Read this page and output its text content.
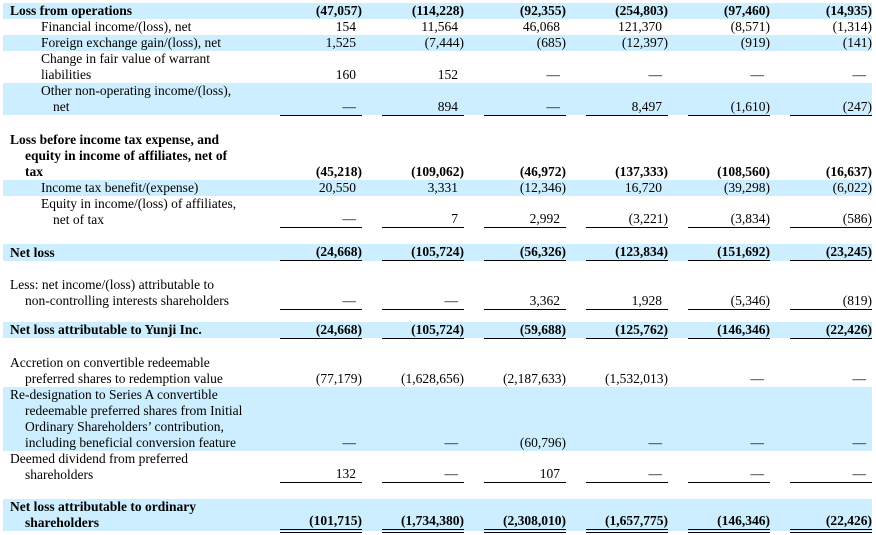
Loss from operations		(47,057)		(114,228)		(92,355)		(254,803)		(97,460)		(14,935)

Financial income/(loss), net		154		11,564		46,068		121,370		(8,571)		(1,314)

Foreign exchange gain/(loss), net		1,525		(7,444)		(685)		(12,397)		(919)		(141)

Change in fair value of warrant
liabilities		160		152		—		—		—		—

Other non-operating income/(loss),
net		—		894		—		8,497		(1,610)		(247)

Loss before income tax expense, and
equity in income of affiliates, net of
tax		(45,218)		(109,062)		(46,972)		(137,333)		(108,560)		(16,637)

Income tax benefit/(expense)		20,550		3,331		(12,346)		16,720		(39,298)		(6,022)

Equity in income/(loss) of affiliates,
net of tax		—		7		2,992		(3,221)		(3,834)		(586)

Net loss		(24,668)		(105,724)		(56,326)		(123,834)		(151,692)		(23,245)

Less: net income/(loss) attributable to
non-controlling interests shareholders		—		—		3,362		1,928		(5,346)		(819)

Net loss attributable to Yunji Inc.		(24,668)		(105,724)		(59,688)		(125,762)		(146,346)		(22,426)

Accretion on convertible redeemable
preferred shares to redemption value		(77,179)		(1,628,656)		(2,187,633)		(1,532,013)		—		—

Re-designation to Series A convertible
redeemable preferred shares from Initial
Ordinary Shareholders’ contribution,
including beneficial conversion feature		—		—		(60,796)		—		—		—

Deemed dividend from preferred
shareholders		132		—		107		—		—		—

Net loss attributable to ordinary
shareholders		(101,715)		(1,734,380)		(2,308,010)		(1,657,775)		(146,346)		(22,426)
